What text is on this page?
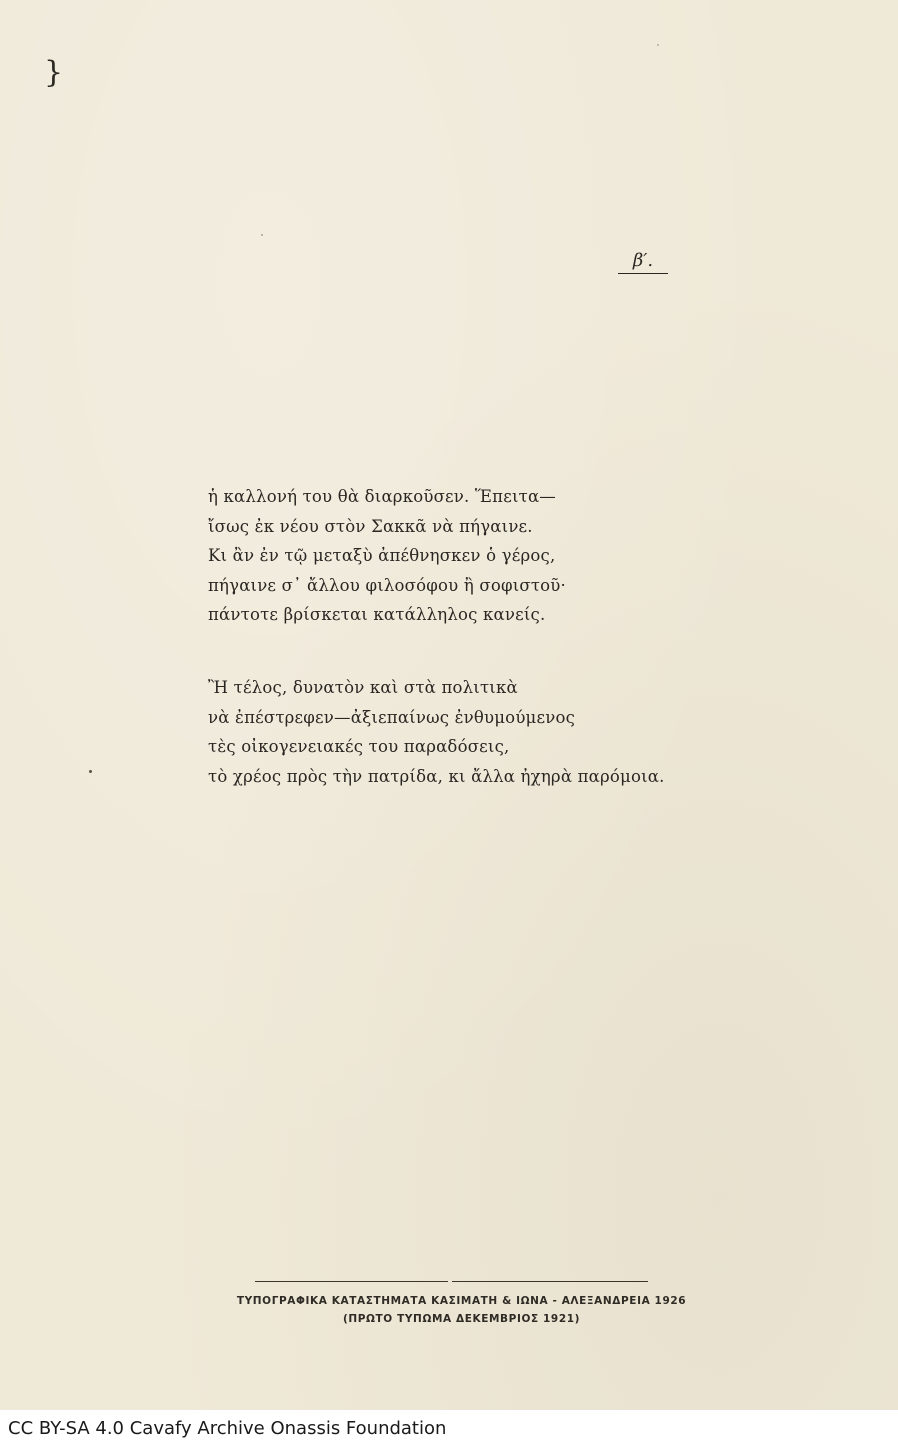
}
β′.
ἡ καλλονή του θὰ διαρκοῦσεν. Ἕπειτα—
ἴσως ἐκ νέου στὸν Σακκᾶ νὰ πήγαινε.
Κι ἂν ἐν τῷ μεταξὺ ἀπέθνησκεν ὁ γέρος,
πήγαινε σ᾽ ἄλλου φιλοσόφου ἢ σοφιστοῦ·
πάντοτε βρίσκεται κατάλληλος κανείς.
Ἢ τέλος, δυνατὸν καὶ στὰ πολιτικὰ
νὰ ἐπέστρεφεν—ἀξιεπαίνως ἐνθυμούμενος
τὲς οἰκογενειακές του παραδόσεις,
τὸ χρέος πρὸς τὴν πατρίδα, κι ἄλλα ἠχηρὰ παρόμοια.
ΤΥΠΟΓΡΑΦΙΚΑ ΚΑΤΑΣΤΗΜΑΤΑ ΚΑΣΙΜΑΤΗ & ΙΩΝΑ - ΑΛΕΞΑΝΔΡΕΙΑ 1926
(ΠΡΩΤΟ ΤΥΠΩΜΑ ΔΕΚΕΜΒΡΙΟΣ 1921)
CC BY-SA 4.0 Cavafy Archive Onassis Foundation
